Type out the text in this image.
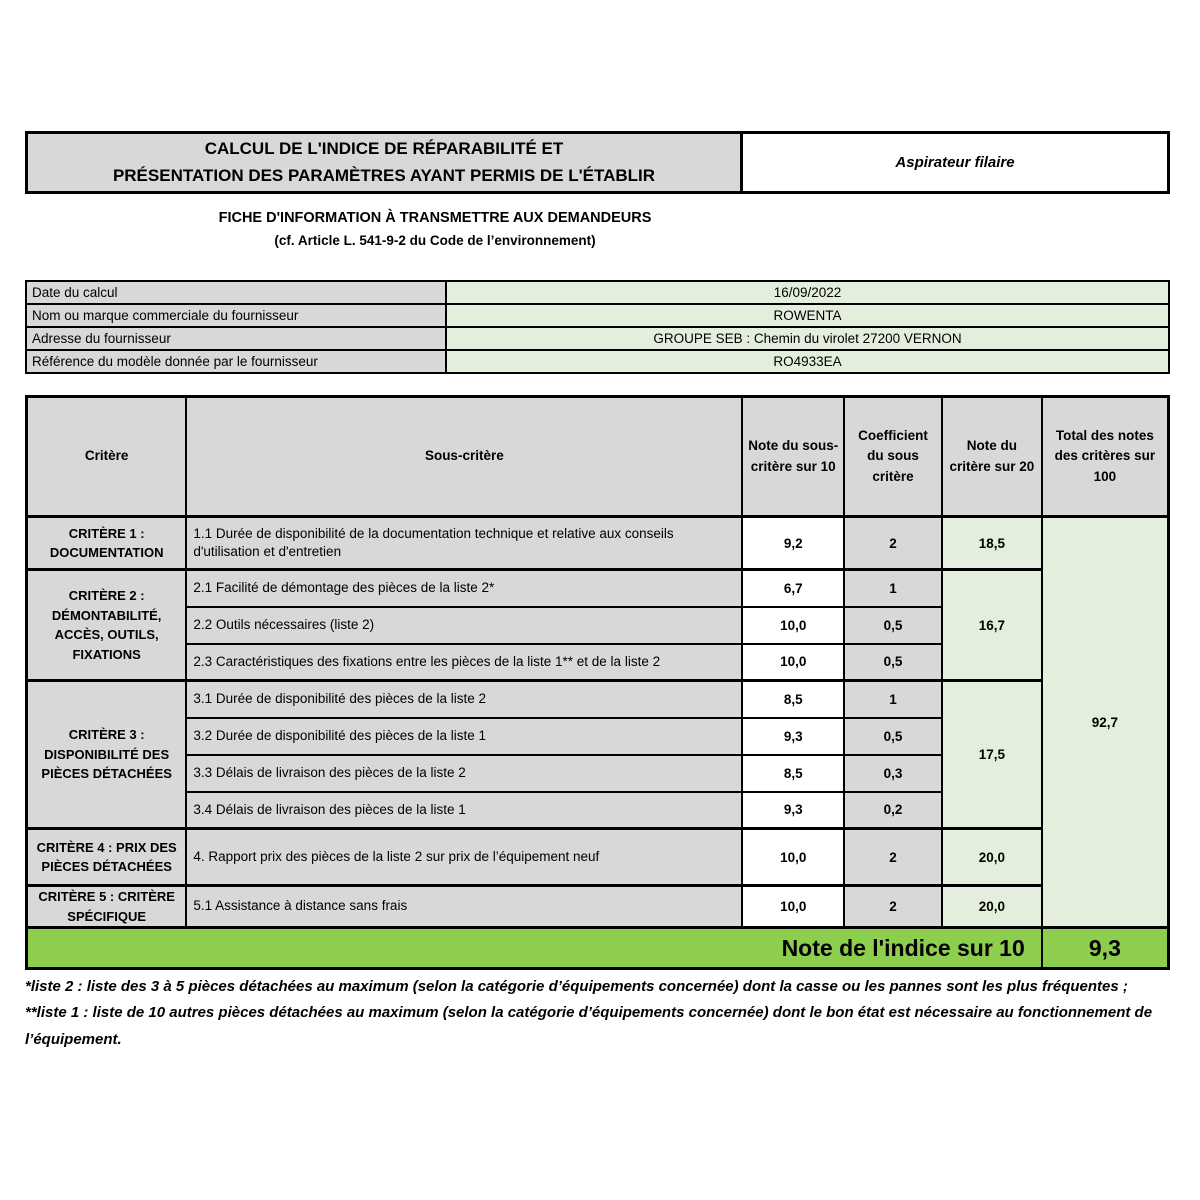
CALCUL DE L'INDICE DE RÉPARABILITÉ ET
PRÉSENTATION DES PARAMÈTRES AYANT PERMIS DE L'ÉTABLIR
Aspirateur filaire
FICHE D'INFORMATION À TRANSMETTRE AUX DEMANDEURS
(cf. Article L. 541-9-2 du Code de l’environnement)
Date du calcul	16/09/2022
Nom ou marque commerciale du fournisseur	ROWENTA
Adresse du fournisseur	GROUPE SEB : Chemin du virolet 27200 VERNON
Référence du modèle donnée par le fournisseur	RO4933EA
Critère	Sous-critère	Note du sous-critère sur 10	Coefficient du sous critère	Note du critère sur 20	Total des notes des critères sur 100
CRITÈRE 1 : DOCUMENTATION	1.1 Durée de disponibilité de la documentation technique et relative aux conseils d'utilisation et d'entretien	9,2	2	18,5	92,7
CRITÈRE 2 : DÉMONTABILITÉ, ACCÈS, OUTILS, FIXATIONS	2.1 Facilité de démontage des pièces de la liste 2*	6,7	1	16,7	
	2.2 Outils nécessaires (liste 2)	10,0	0,5		
	2.3 Caractéristiques des fixations entre les pièces de la liste 1** et de la liste 2	10,0	0,5		
CRITÈRE 3 : DISPONIBILITÉ DES PIÈCES DÉTACHÉES	3.1 Durée de disponibilité des pièces de la liste 2	8,5	1	17,5	
	3.2 Durée de disponibilité des pièces de la liste 1	9,3	0,5		
	3.3 Délais de livraison des pièces de la liste 2	8,5	0,3		
	3.4 Délais de livraison des pièces de la liste 1	9,3	0,2		
CRITÈRE 4 : PRIX DES PIÈCES DÉTACHÉES	4. Rapport prix des pièces de la liste 2 sur prix de l’équipement neuf	10,0	2	20,0	
CRITÈRE 5 : CRITÈRE SPÉCIFIQUE	5.1 Assistance à distance sans frais	10,0	2	20,0	
Note de l'indice sur 10					9,3

*liste 2 : liste des 3 à 5 pièces détachées au maximum (selon la catégorie d’équipements concernée) dont la casse ou les pannes sont les plus fréquentes ;

**liste 1 : liste de 10 autres pièces détachées au maximum (selon la catégorie d’équipements concernée) dont le bon état est nécessaire au fonctionnement de l’équipement.
